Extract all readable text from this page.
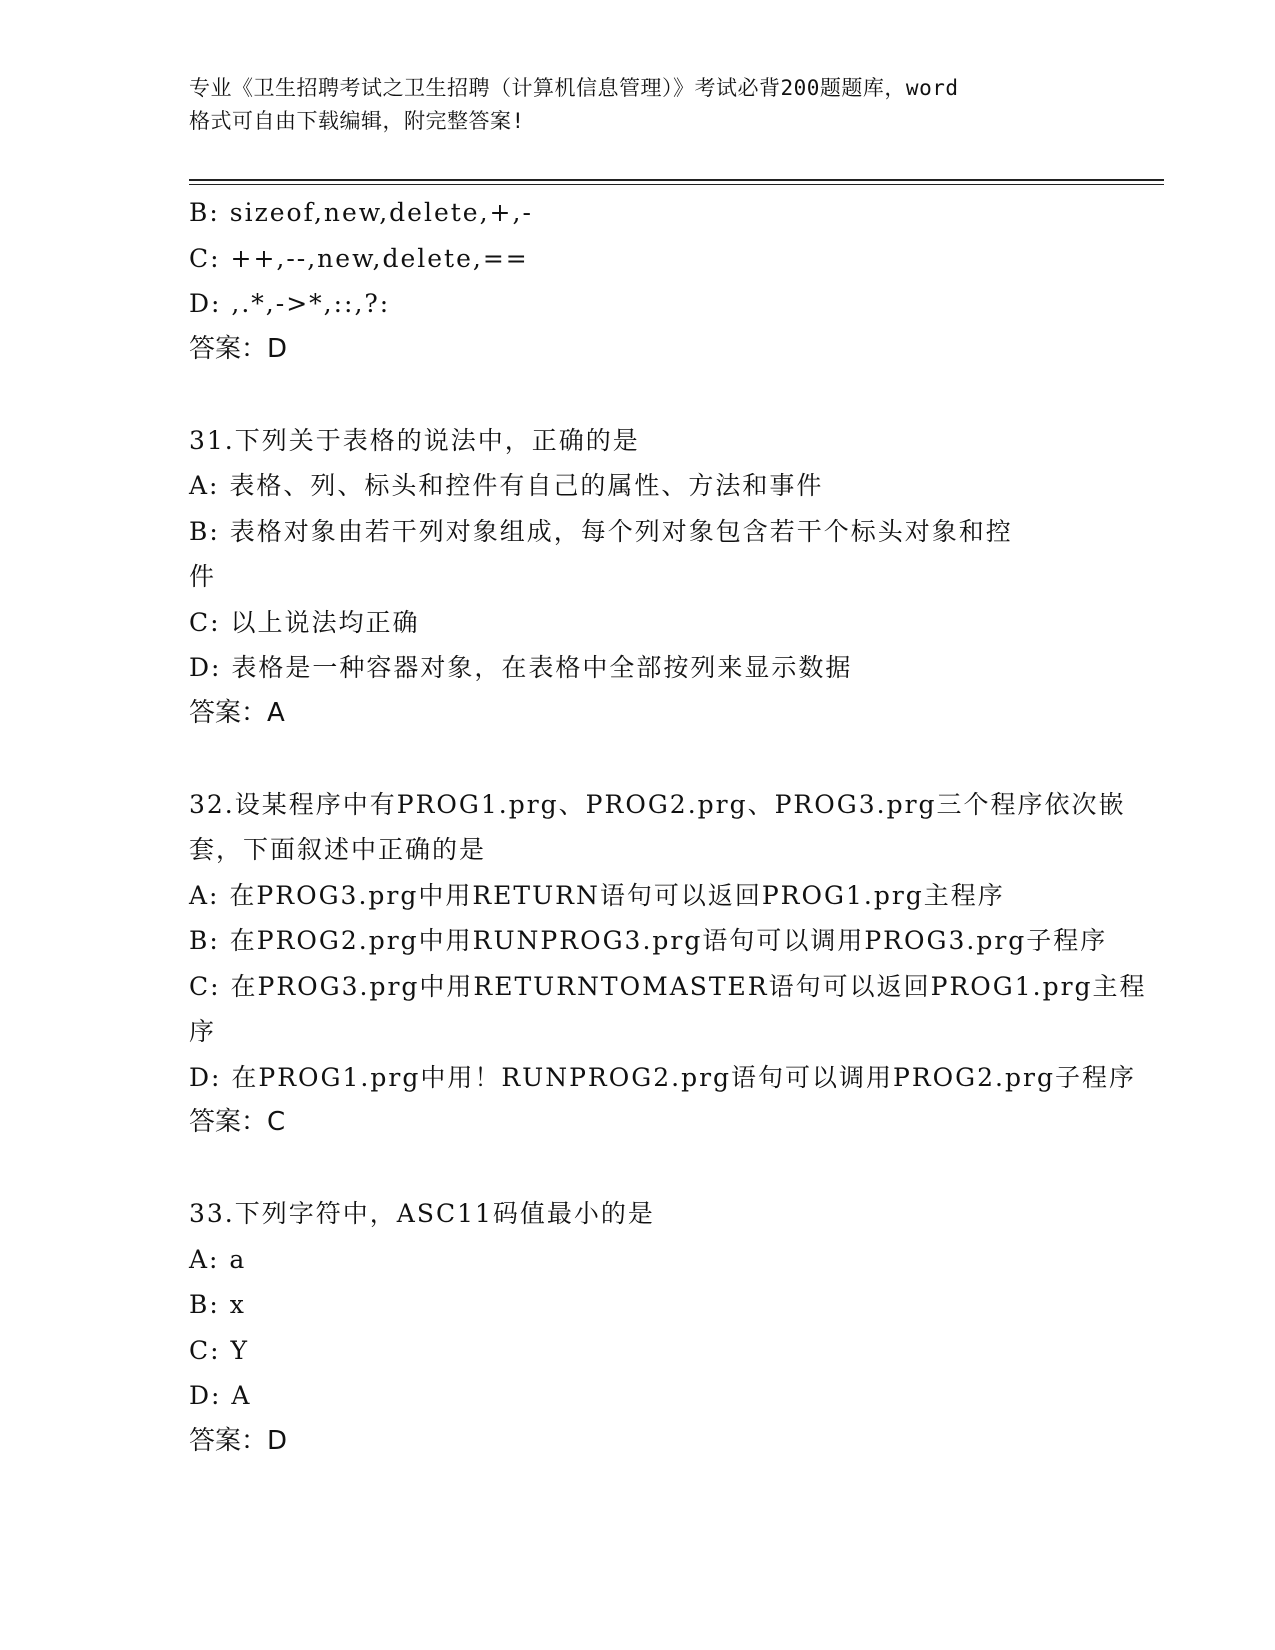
专业《卫生招聘考试之卫生招聘（计算机信息管理）》考试必背200题题库，word
格式可自由下载编辑，附完整答案!
B: sizeof,new,delete,+,-
C: ++,--,new,delete,==
D: ,.*,->*,::,?:
答案：D
31.下列关于表格的说法中，正确的是
A: 表格、列、标头和控件有自己的属性、方法和事件
B: 表格对象由若干列对象组成，每个列对象包含若干个标头对象和控
件
C: 以上说法均正确
D: 表格是一种容器对象，在表格中全部按列来显示数据
答案：A
32.设某程序中有PROG1.prg、PROG2.prg、PROG3.prg三个程序依次嵌
套，下面叙述中正确的是
A: 在PROG3.prg中用RETURN语句可以返回PROG1.prg主程序
B: 在PROG2.prg中用RUNPROG3.prg语句可以调用PROG3.prg子程序
C: 在PROG3.prg中用RETURNTOMASTER语句可以返回PROG1.prg主程
序
D: 在PROG1.prg中用！RUNPROG2.prg语句可以调用PROG2.prg子程序
答案：C
33.下列字符中，ASC11码值最小的是
A: a
B: x
C: Y
D: A
答案：D
